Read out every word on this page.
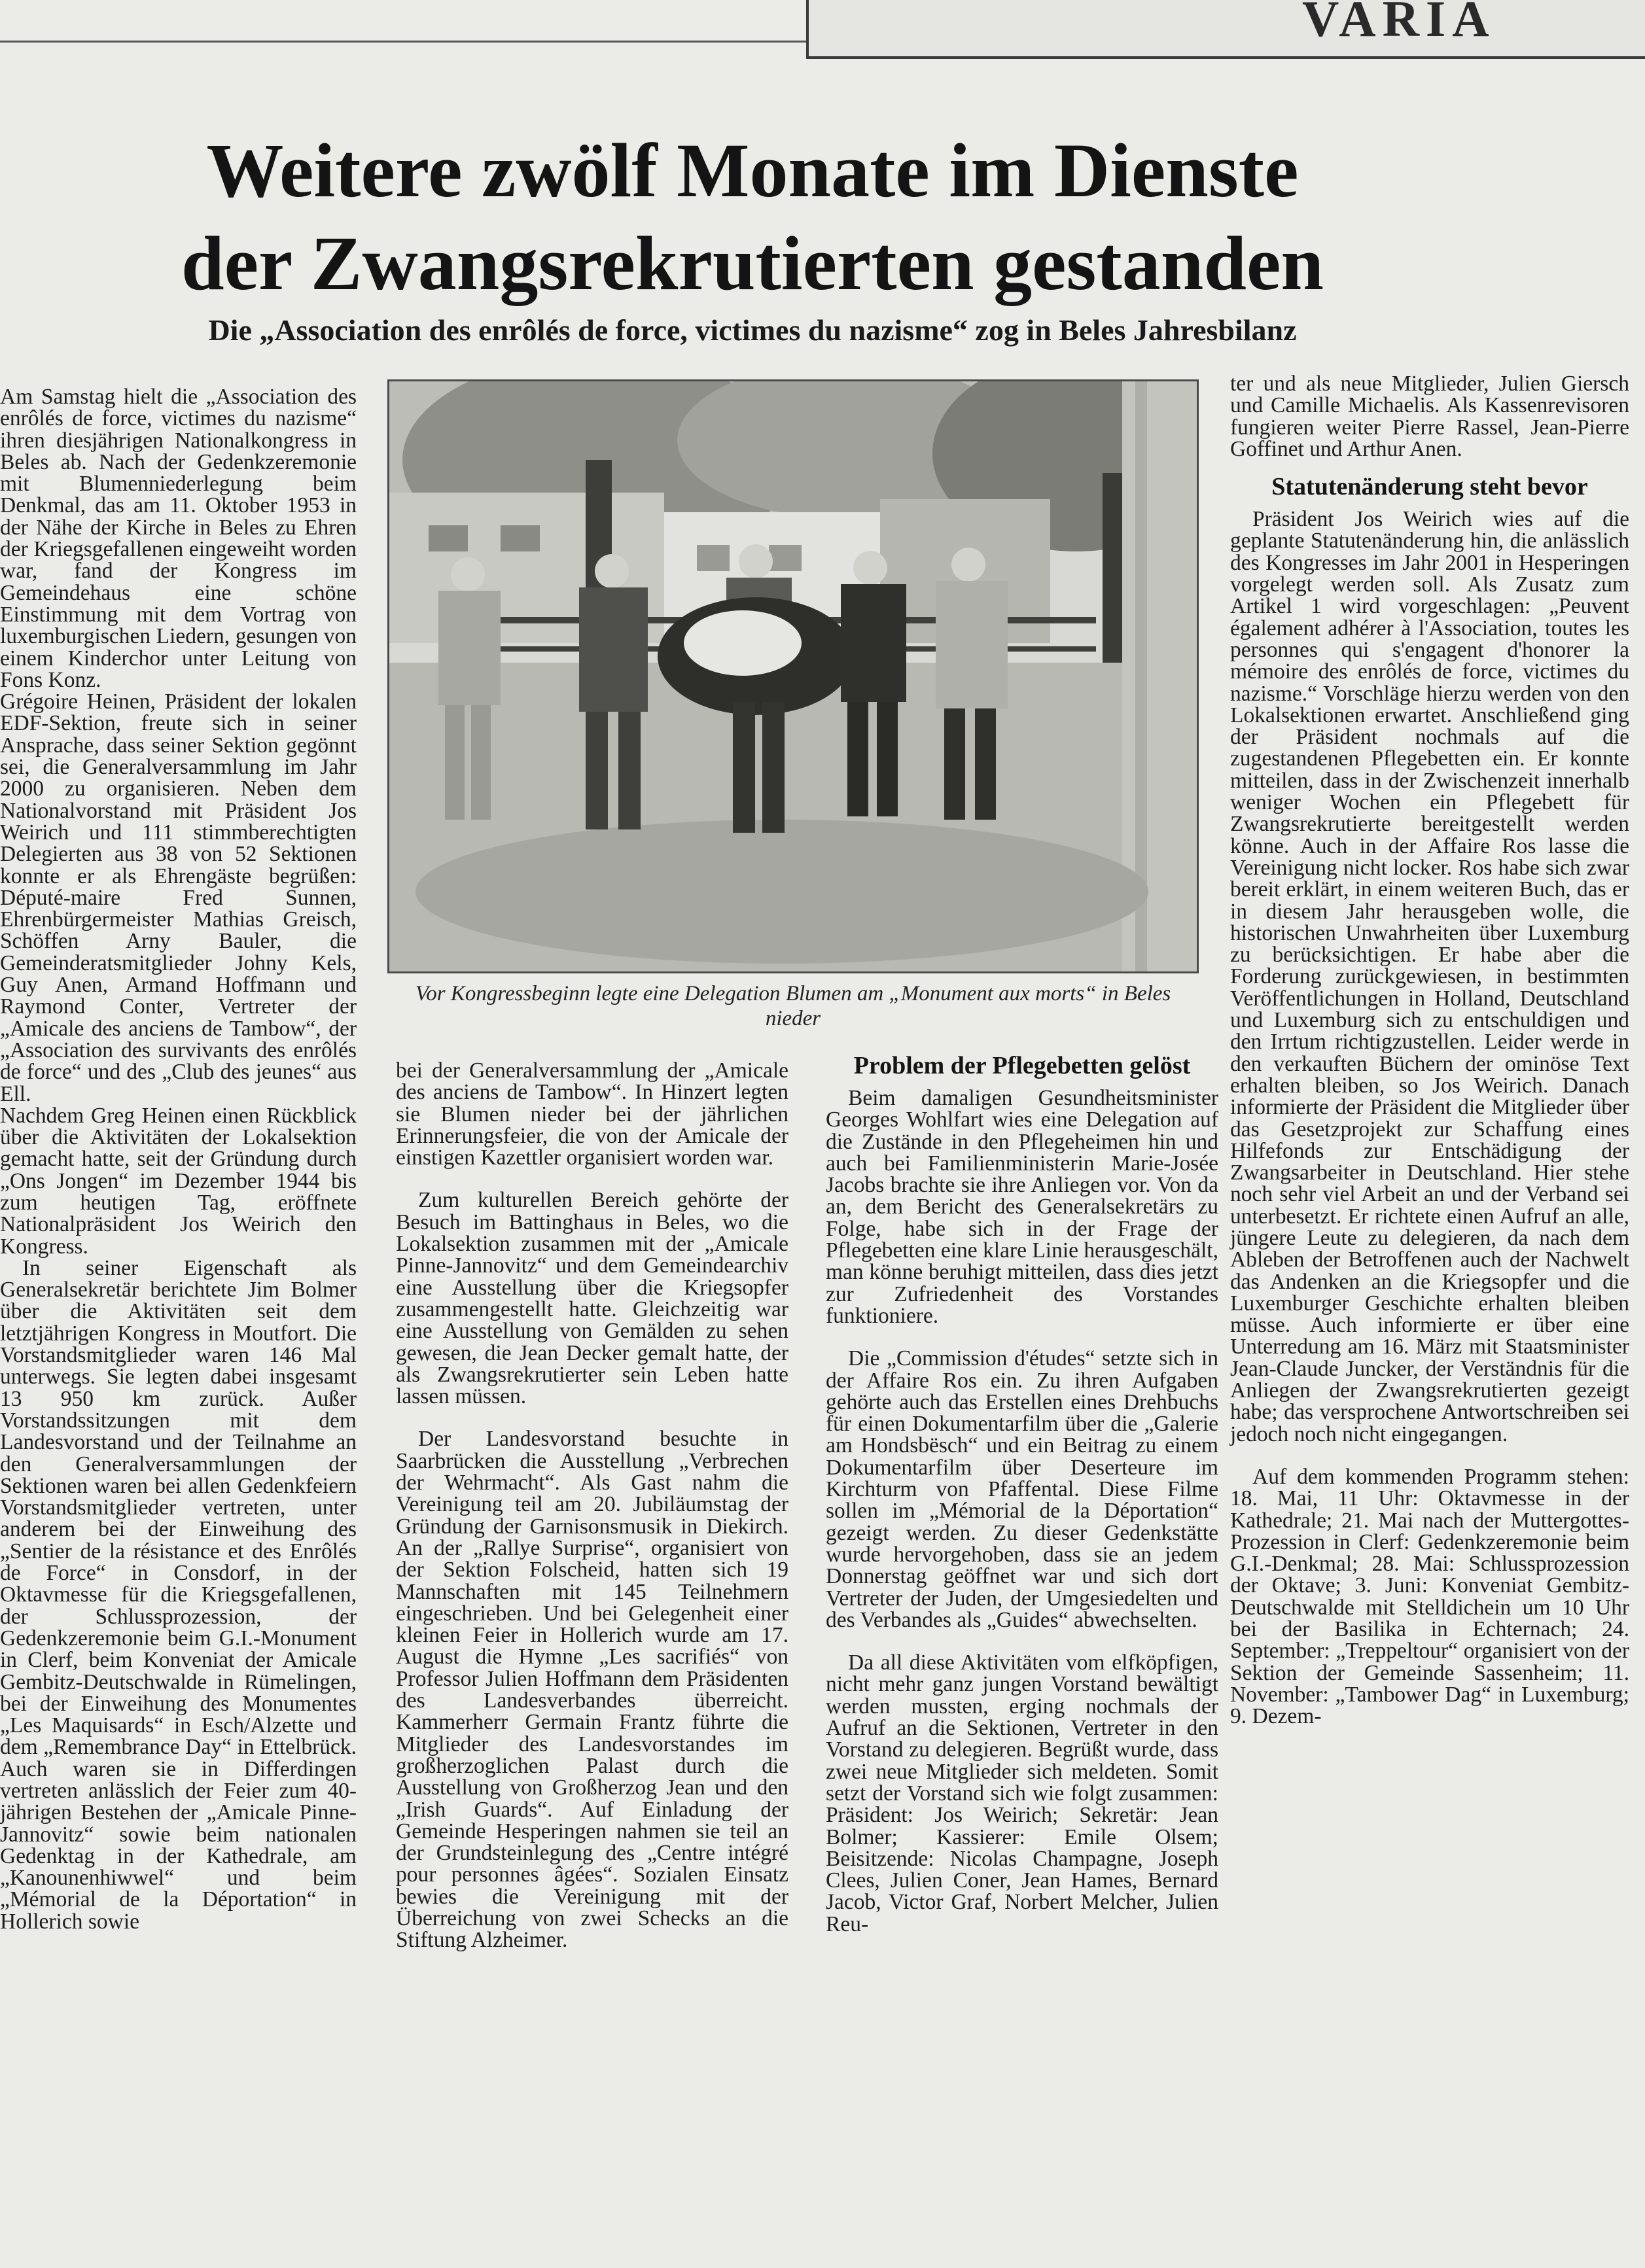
VARIA
Weitere zwölf Monate im Dienste
der Zwangsrekrutierten gestanden
Die „Association des enrôlés de force, victimes du nazisme“ zog in Beles Jahresbilanz

Am Samstag hielt die „Association des enrôlés de force, victimes du nazisme“ ihren diesjährigen Nationalkongress in Beles ab. Nach der Gedenkzeremonie mit Blumenniederlegung beim Denkmal, das am 11. Oktober 1953 in der Nähe der Kirche in Beles zu Ehren der Kriegsgefallenen eingeweiht worden war, fand der Kongress im Gemeindehaus eine schöne Einstimmung mit dem Vortrag von luxemburgischen Liedern, gesungen von einem Kinderchor unter Leitung von Fons Konz.

Grégoire Heinen, Präsident der lokalen EDF-Sektion, freute sich in seiner Ansprache, dass seiner Sektion gegönnt sei, die Generalversammlung im Jahr 2000 zu organisieren. Neben dem Nationalvorstand mit Präsident Jos Weirich und 111 stimmberechtigten Delegierten aus 38 von 52 Sektionen konnte er als Ehrengäste begrüßen: Député-maire Fred Sunnen, Ehrenbürgermeister Mathias Greisch, Schöffen Arny Bauler, die Gemeinderatsmitglieder Johny Kels, Guy Anen, Armand Hoffmann und Raymond Conter, Vertreter der „Amicale des anciens de Tambow“, der „Association des survivants des enrôlés de force“ und des „Club des jeunes“ aus Ell.

Nachdem Greg Heinen einen Rückblick über die Aktivitäten der Lokalsektion gemacht hatte, seit der Gründung durch „Ons Jongen“ im Dezember 1944 bis zum heutigen Tag, eröffnete Nationalpräsident Jos Weirich den Kongress.

In seiner Eigenschaft als Generalsekretär berichtete Jim Bolmer über die Aktivitäten seit dem letztjährigen Kongress in Moutfort. Die Vorstandsmitglieder waren 146 Mal unterwegs. Sie legten dabei insgesamt 13 950 km zurück. Außer Vorstandssitzungen mit dem Landesvorstand und der Teilnahme an den Generalversammlungen der Sektionen waren bei allen Gedenkfeiern Vorstandsmitglieder vertreten, unter anderem bei der Einweihung des „Sentier de la résistance et des Enrôlés de Force“ in Consdorf, in der Oktavmesse für die Kriegsgefallenen, der Schlussprozession, der Gedenkzeremonie beim G.I.-Monument in Clerf, beim Konveniat der Amicale Gembitz-Deutschwalde in Rümelingen, bei der Einweihung des Monumentes „Les Maquisards“ in Esch/Alzette und dem „Remembrance Day“ in Ettelbrück. Auch waren sie in Differdingen vertreten anlässlich der Feier zum 40-jährigen Bestehen der „Amicale Pinne-Jannovitz“ sowie beim nationalen Gedenktag in der Kathedrale, am „Kanounenhiwwel“ und beim „Mémorial de la Déportation“ in Hollerich sowie

Vor Kongressbeginn legte eine Delegation Blumen am „Monument aux morts“ in Beles nieder

bei der Generalversammlung der „Amicale des anciens de Tambow“. In Hinzert legten sie Blumen nieder bei der jährlichen Erinnerungsfeier, die von der Amicale der einstigen Kazettler organisiert worden war.

Zum kulturellen Bereich gehörte der Besuch im Battinghaus in Beles, wo die Lokalsektion zusammen mit der „Amicale Pinne-Jannovitz“ und dem Gemeindearchiv eine Ausstellung über die Kriegsopfer zusammengestellt hatte. Gleichzeitig war eine Ausstellung von Gemälden zu sehen gewesen, die Jean Decker gemalt hatte, der als Zwangsrekrutierter sein Leben hatte lassen müssen.

Der Landesvorstand besuchte in Saarbrücken die Ausstellung „Verbrechen der Wehrmacht“. Als Gast nahm die Vereinigung teil am 20. Jubiläumstag der Gründung der Garnisonsmusik in Diekirch. An der „Rallye Surprise“, organisiert von der Sektion Folscheid, hatten sich 19 Mannschaften mit 145 Teilnehmern eingeschrieben. Und bei Gelegenheit einer kleinen Feier in Hollerich wurde am 17. August die Hymne „Les sacrifiés“ von Professor Julien Hoffmann dem Präsidenten des Landesverbandes überreicht. Kammerherr Germain Frantz führte die Mitglieder des Landesvorstandes im großherzoglichen Palast durch die Ausstellung von Großherzog Jean und den „Irish Guards“. Auf Einladung der Gemeinde Hesperingen nahmen sie teil an der Grundsteinlegung des „Centre intégré pour personnes âgées“. Sozialen Einsatz bewies die Vereinigung mit der Überreichung von zwei Schecks an die Stiftung Alzheimer.

Problem der Pflegebetten gelöst

Beim damaligen Gesundheitsminister Georges Wohlfart wies eine Delegation auf die Zustände in den Pflegeheimen hin und auch bei Familienministerin Marie-Josée Jacobs brachte sie ihre Anliegen vor. Von da an, dem Bericht des Generalsekretärs zu Folge, habe sich in der Frage der Pflegebetten eine klare Linie herausgeschält, man könne beruhigt mitteilen, dass dies jetzt zur Zufriedenheit des Vorstandes funktioniere.

Die „Commission d'études“ setzte sich in der Affaire Ros ein. Zu ihren Aufgaben gehörte auch das Erstellen eines Drehbuchs für einen Dokumentarfilm über die „Galerie am Hondsbësch“ und ein Beitrag zu einem Dokumentarfilm über Deserteure im Kirchturm von Pfaffental. Diese Filme sollen im „Mémorial de la Déportation“ gezeigt werden. Zu dieser Gedenkstätte wurde hervorgehoben, dass sie an jedem Donnerstag geöffnet war und sich dort Vertreter der Juden, der Umgesiedelten und des Verbandes als „Guides“ abwechselten.

Da all diese Aktivitäten vom elfköpfigen, nicht mehr ganz jungen Vorstand bewältigt werden mussten, erging nochmals der Aufruf an die Sektionen, Vertreter in den Vorstand zu delegieren. Begrüßt wurde, dass zwei neue Mitglieder sich meldeten. Somit setzt der Vorstand sich wie folgt zusammen: Präsident: Jos Weirich; Sekretär: Jean Bolmer; Kassierer: Emile Olsem; Beisitzende: Nicolas Champagne, Joseph Clees, Julien Coner, Jean Hames, Bernard Jacob, Victor Graf, Norbert Melcher, Julien Reu-

ter und als neue Mitglieder, Julien Giersch und Camille Michaelis. Als Kassenrevisoren fungieren weiter Pierre Rassel, Jean-Pierre Goffinet und Arthur Anen.

Statutenänderung steht bevor

Präsident Jos Weirich wies auf die geplante Statutenänderung hin, die anlässlich des Kongresses im Jahr 2001 in Hesperingen vorgelegt werden soll. Als Zusatz zum Artikel 1 wird vorgeschlagen: „Peuvent également adhérer à l'Association, toutes les personnes qui s'engagent d'honorer la mémoire des enrôlés de force, victimes du nazisme.“ Vorschläge hierzu werden von den Lokalsektionen erwartet. Anschließend ging der Präsident nochmals auf die zugestandenen Pflegebetten ein. Er konnte mitteilen, dass in der Zwischenzeit innerhalb weniger Wochen ein Pflegebett für Zwangsrekrutierte bereitgestellt werden könne. Auch in der Affaire Ros lasse die Vereinigung nicht locker. Ros habe sich zwar bereit erklärt, in einem weiteren Buch, das er in diesem Jahr herausgeben wolle, die historischen Unwahrheiten über Luxemburg zu berücksichtigen. Er habe aber die Forderung zurückgewiesen, in bestimmten Veröffentlichungen in Holland, Deutschland und Luxemburg sich zu entschuldigen und den Irrtum richtigzustellen. Leider werde in den verkauften Büchern der ominöse Text erhalten bleiben, so Jos Weirich. Danach informierte der Präsident die Mitglieder über das Gesetzprojekt zur Schaffung eines Hilfefonds zur Entschädigung der Zwangsarbeiter in Deutschland. Hier stehe noch sehr viel Arbeit an und der Verband sei unterbesetzt. Er richtete einen Aufruf an alle, jüngere Leute zu delegieren, da nach dem Ableben der Betroffenen auch der Nachwelt das Andenken an die Kriegsopfer und die Luxemburger Geschichte erhalten bleiben müsse. Auch informierte er über eine Unterredung am 16. März mit Staatsminister Jean-Claude Juncker, der Verständnis für die Anliegen der Zwangsrekrutierten gezeigt habe; das versprochene Antwortschreiben sei jedoch noch nicht eingegangen.

Auf dem kommenden Programm stehen: 18. Mai, 11 Uhr: Oktavmesse in der Kathedrale; 21. Mai nach der Muttergottes-Prozession in Clerf: Gedenkzeremonie beim G.I.-Denkmal; 28. Mai: Schlussprozession der Oktave; 3. Juni: Konveniat Gembitz-Deutschwalde mit Stelldichein um 10 Uhr bei der Basilika in Echternach; 24. September: „Treppeltour“ organisiert von der Sektion der Gemeinde Sassenheim; 11. November: „Tambower Dag“ in Luxemburg; 9. Dezem-
